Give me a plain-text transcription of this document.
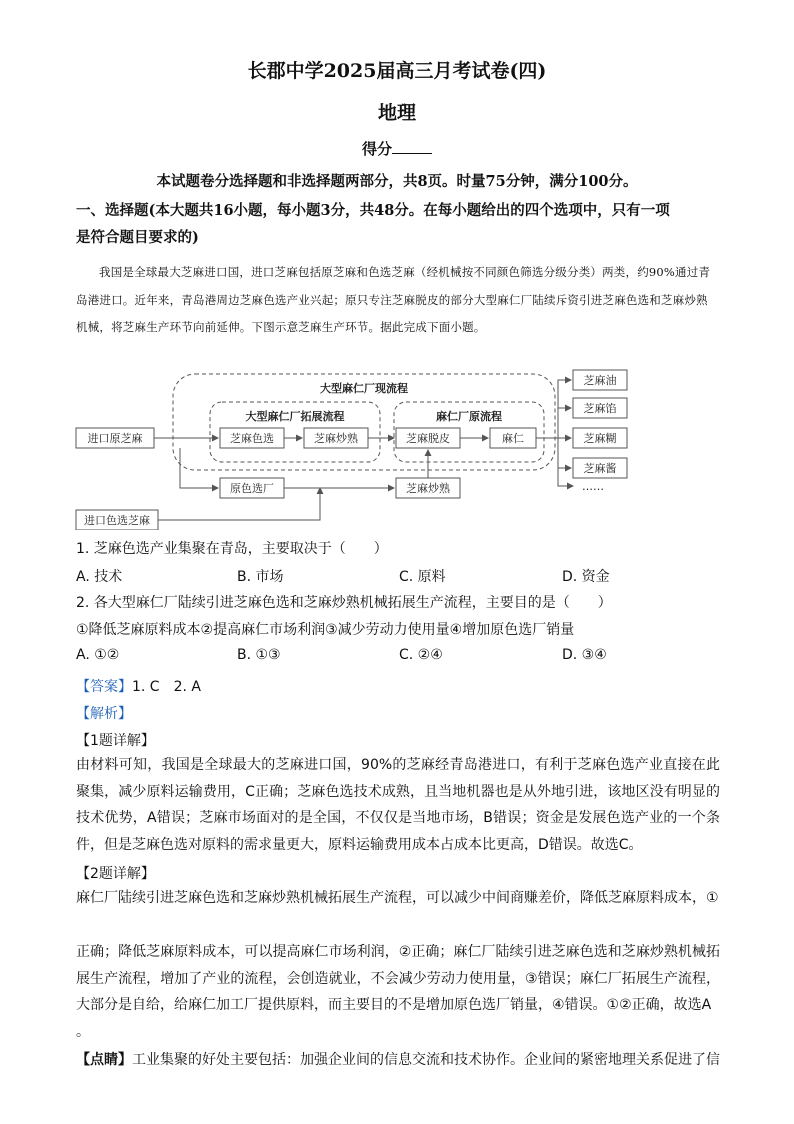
长郡中学2025届高三月考试卷(四)
地理
得分
本试题卷分选择题和非选择题两部分，共8页。时量75分钟，满分100分。
一、选择题(本大题共16小题，每小题3分，共48分。在每小题给出的四个选项中，只有一项
是符合题目要求的)
我国是全球最大芝麻进口国，进口芝麻包括原芝麻和色选芝麻（经机械按不同颜色筛选分级分类）两类，约90%通过青岛港进口。近年来，青岛港周边芝麻色选产业兴起；原只专注芝麻脱皮的部分大型麻仁厂陆续斥资引进芝麻色选和芝麻炒熟机械，将芝麻生产环节向前延伸。下图示意芝麻生产环节。据此完成下面小题。
大型麻仁厂现流程
大型麻仁厂拓展流程	麻仁厂原流程
进口原芝麻	芝麻色选	芝麻炒熟	芝麻脱皮	麻仁
原色选厂	芝麻炒熟
进口色选芝麻
芝麻油
芝麻馅
芝麻糊
芝麻酱
……
1. 芝麻色选产业集聚在青岛，主要取决于（　　）
A. 技术	B. 市场	C. 原料	D. 资金
2. 各大型麻仁厂陆续引进芝麻色选和芝麻炒熟机械拓展生产流程，主要目的是（　　）
①降低芝麻原料成本②提高麻仁市场利润③减少劳动力使用量④增加原色选厂销量
A. ①②	B. ①③	C. ②④	D. ③④
【答案】1. C　2. A
【解析】
【1题详解】
由材料可知，我国是全球最大的芝麻进口国，90%的芝麻经青岛港进口，有利于芝麻色选产业直接在此聚集，减少原料运输费用，C正确；芝麻色选技术成熟，且当地机器也是从外地引进，该地区没有明显的技术优势，A错误；芝麻市场面对的是全国，不仅仅是当地市场，B错误；资金是发展色选产业的一个条件，但是芝麻色选对原料的需求量更大，原料运输费用成本占成本比更高，D错误。故选C。
【2题详解】
麻仁厂陆续引进芝麻色选和芝麻炒熟机械拓展生产流程，可以减少中间商赚差价，降低芝麻原料成本，①
正确；降低芝麻原料成本，可以提高麻仁市场利润，②正确；麻仁厂陆续引进芝麻色选和芝麻炒熟机械拓展生产流程，增加了产业的流程，会创造就业，不会减少劳动力使用量，③错误；麻仁厂拓展生产流程，大部分是自给，给麻仁加工厂提供原料，而主要目的不是增加原色选厂销量，④错误。①②正确，故选A
。
【点睛】工业集聚的好处主要包括：加强企业间的信息交流和技术协作。企业间的紧密地理关系促进了信
